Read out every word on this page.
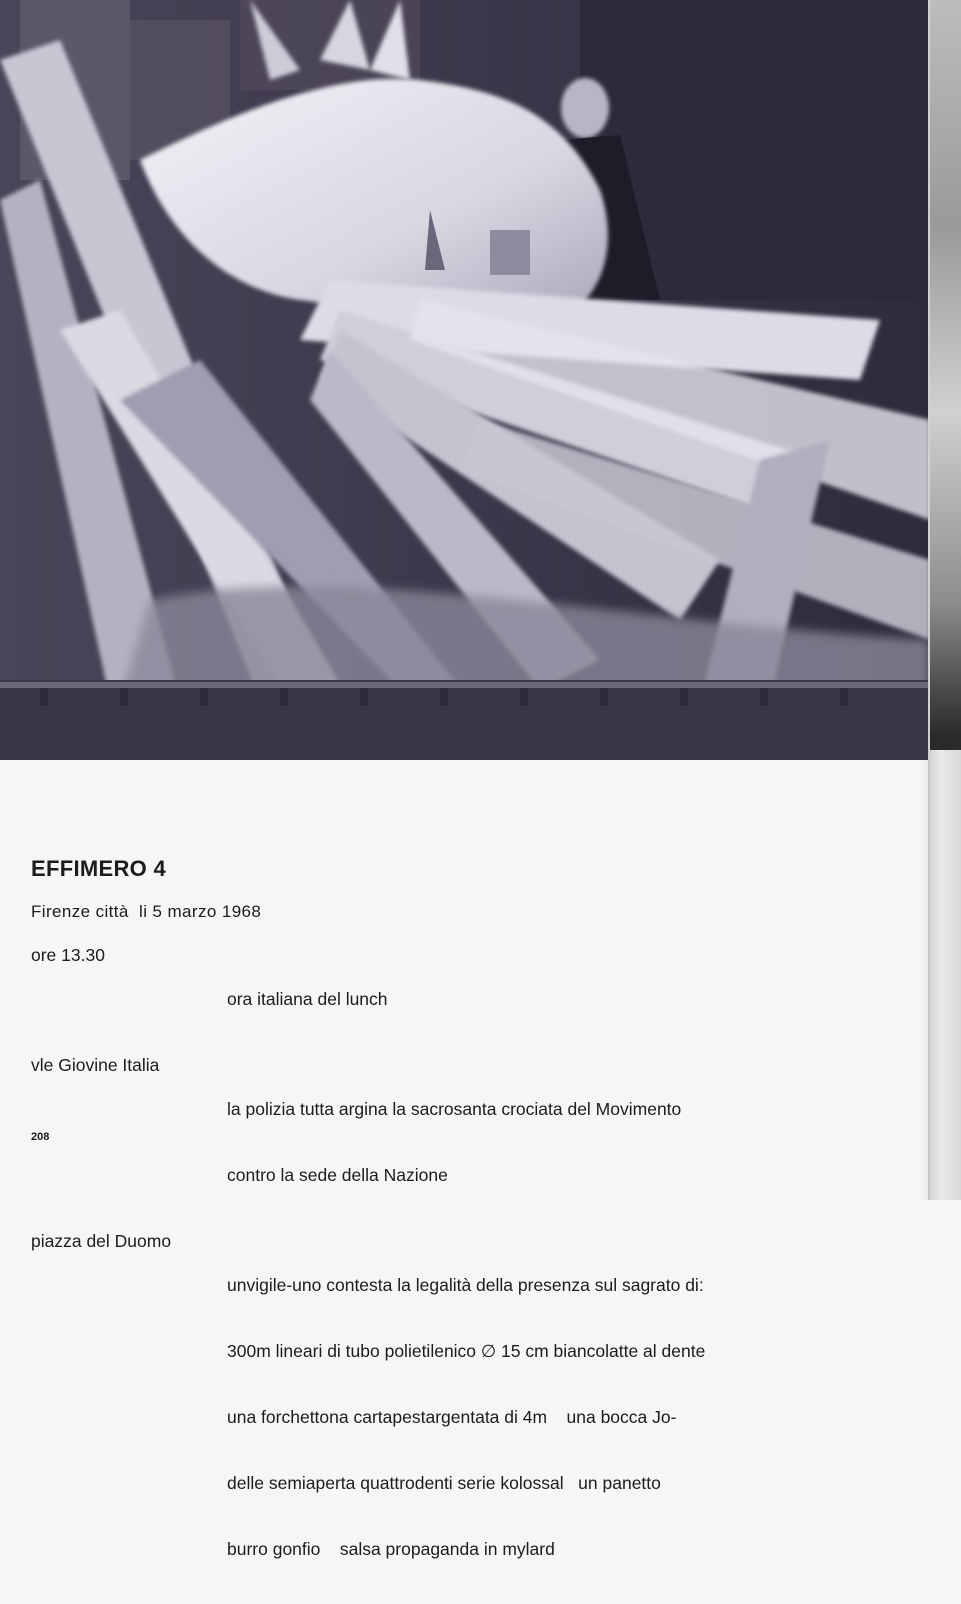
EFFIMERO 4
Firenze città  li 5 marzo 1968
ore 13.30

ora italiana del lunch

vle Giovine Italia

la polizia tutta argina la sacrosanta crociata del Movimento

contro la sede della Nazione

piazza del Duomo

unvigile-uno contesta la legalità della presenza sul sagrato di:

300m lineari di tubo polietilenico ∅ 15 cm biancolatte al dente

una forchettona cartapestargentata di 4m    una bocca Jo-

delle semiaperta quattrodenti serie kolossal   un panetto

burro gonfio    salsa propaganda in mylard

208
